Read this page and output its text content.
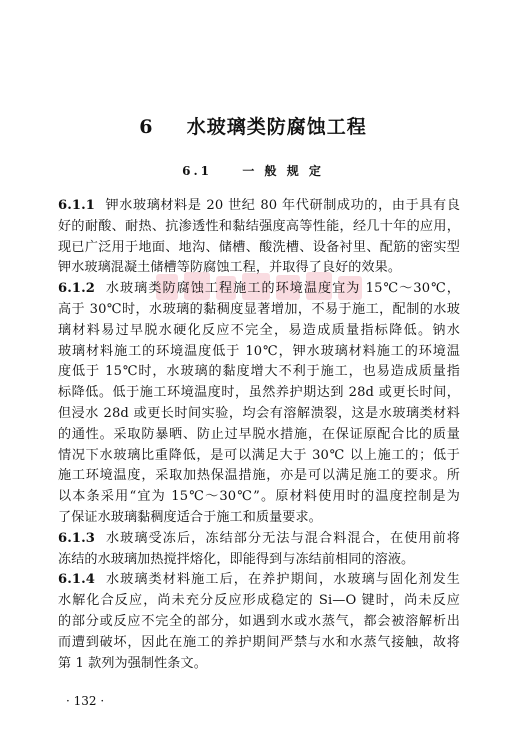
6 水玻璃类防腐蚀工程
6.1	一 般 规 定
6.1.1 钾水玻璃材料是 20 世纪 80 年代研制成功的，由于具有良
好的耐酸、耐热、抗渗透性和黏结强度高等性能，经几十年的应用，
现已广泛用于地面、地沟、储槽、酸洗槽、设备衬里、配筋的密实型
钾水玻璃混凝土储槽等防腐蚀工程，并取得了良好的效果。
6.1.2 水玻璃类防腐蚀工程施工的环境温度宜为 15℃～30℃，
高于 30℃时，水玻璃的黏稠度显著增加，不易于施工，配制的水玻
璃材料易过早脱水硬化反应不完全，易造成质量指标降低。钠水
玻璃材料施工的环境温度低于 10℃，钾水玻璃材料施工的环境温
度低于 15℃时，水玻璃的黏度增大不利于施工，也易造成质量指
标降低。低于施工环境温度时，虽然养护期达到 28d 或更长时间，
但浸水 28d 或更长时间实验，均会有溶解溃裂，这是水玻璃类材料
的通性。采取防暴晒、防止过早脱水措施，在保证原配合比的质量
情况下水玻璃比重降低，是可以满足大于 30℃ 以上施工的；低于
施工环境温度，采取加热保温措施，亦是可以满足施工的要求。所
以本条采用“宜为 15℃～30℃”。原材料使用时的温度控制是为
了保证水玻璃黏稠度适合于施工和质量要求。
6.1.3 水玻璃受冻后，冻结部分无法与混合料混合，在使用前将
冻结的水玻璃加热搅拌熔化，即能得到与冻结前相同的溶液。
6.1.4 水玻璃类材料施工后，在养护期间，水玻璃与固化剂发生
水解化合反应，尚未充分反应形成稳定的 Si—O 键时，尚未反应
的部分或反应不完全的部分，如遇到水或水蒸气，都会被溶解析出
而遭到破坏，因此在施工的养护期间严禁与水和水蒸气接触，故将
第 1 款列为强制性条文。
· 132 ·
